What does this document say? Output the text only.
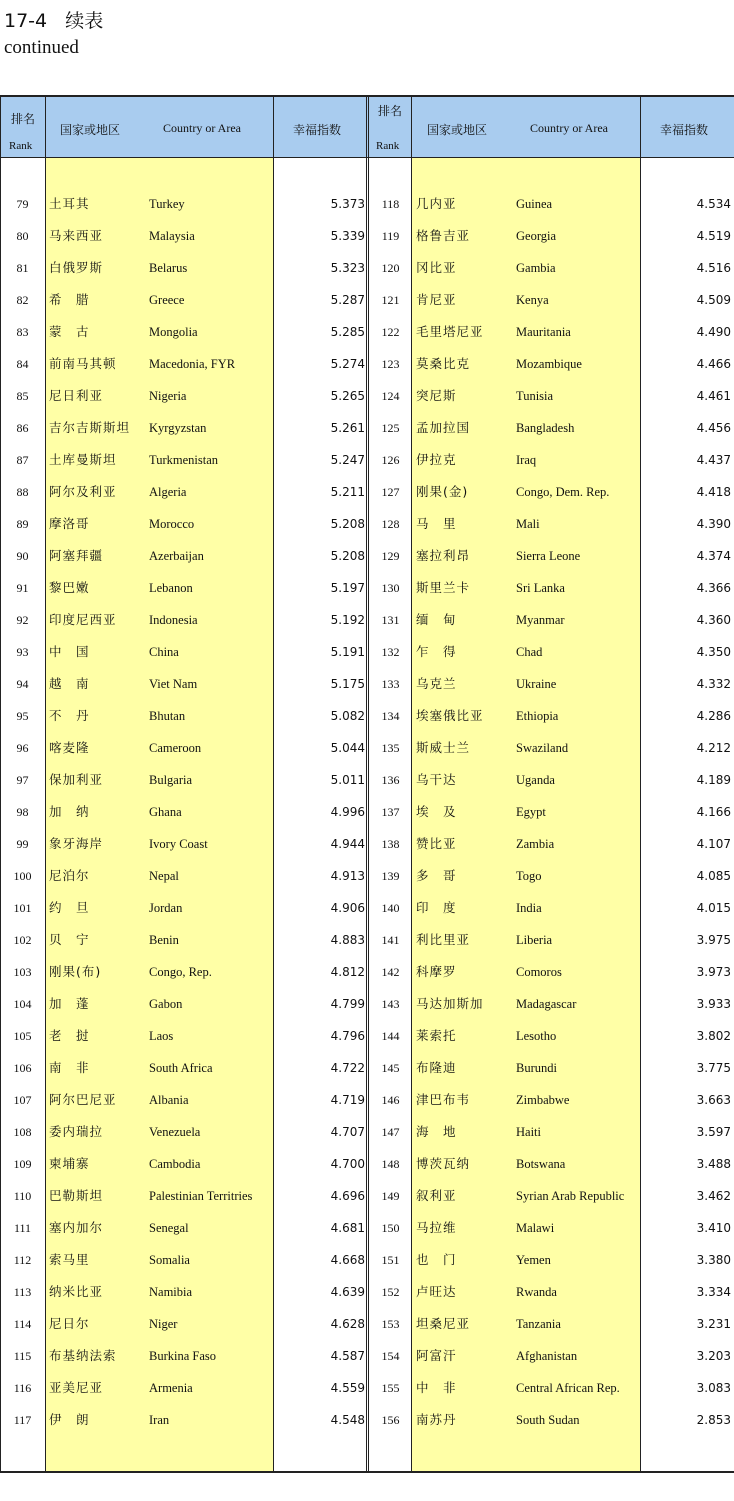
17-4   续表
continued
排名
Rank
国家或地区	Country or Area	幸福指数
排名
Rank
国家或地区	Country or Area	幸福指数
79	土耳其	Turkey	5.373
80	马来西亚	Malaysia	5.339
81	白俄罗斯	Belarus	5.323
82	希　腊	Greece	5.287
83	蒙　古	Mongolia	5.285
84	前南马其顿	Macedonia, FYR	5.274
85	尼日利亚	Nigeria	5.265
86	吉尔吉斯斯坦 Kyrgyzstan	5.261
87	土库曼斯坦	Turkmenistan	5.247
88	阿尔及利亚	Algeria	5.211
89	摩洛哥	Morocco	5.208
90	阿塞拜疆	Azerbaijan	5.208
91	黎巴嫩	Lebanon	5.197
92	印度尼西亚	Indonesia	5.192
93	中　国	China	5.191
94	越　南	Viet Nam	5.175
95	不　丹	Bhutan	5.082
96	喀麦隆	Cameroon	5.044
97	保加利亚	Bulgaria	5.011
98	加　纳	Ghana	4.996
99	象牙海岸	Ivory Coast	4.944
100	尼泊尔	Nepal	4.913
101	约　旦	Jordan	4.906
102	贝　宁	Benin	4.883
103	刚果(布)	Congo, Rep.	4.812
104	加　蓬	Gabon	4.799
105	老　挝	Laos	4.796
106	南　非	South Africa	4.722
107	阿尔巴尼亚	Albania	4.719
108	委内瑞拉	Venezuela	4.707
109	柬埔寨	Cambodia	4.700
110	巴勒斯坦	Palestinian Territries	4.696
111	塞内加尔	Senegal	4.681
112	索马里	Somalia	4.668
113	纳米比亚	Namibia	4.639
114	尼日尔	Niger	4.628
115	布基纳法索	Burkina Faso	4.587
116	亚美尼亚	Armenia	4.559
117	伊　朗	Iran	4.548
118	几内亚	Guinea	4.534
119	格鲁吉亚	Georgia	4.519
120	冈比亚	Gambia	4.516
121	肯尼亚	Kenya	4.509
122	毛里塔尼亚	Mauritania	4.490
123	莫桑比克	Mozambique	4.466
124	突尼斯	Tunisia	4.461
125	孟加拉国	Bangladesh	4.456
126	伊拉克	Iraq	4.437
127	刚果(金)	Congo, Dem. Rep.	4.418
128	马　里	Mali	4.390
129	塞拉利昂	Sierra Leone	4.374
130	斯里兰卡	Sri Lanka	4.366
131	缅　甸	Myanmar	4.360
132	乍　得	Chad	4.350
133	乌克兰	Ukraine	4.332
134	埃塞俄比亚	Ethiopia	4.286
135	斯威士兰	Swaziland	4.212
136	乌干达	Uganda	4.189
137	埃　及	Egypt	4.166
138	赞比亚	Zambia	4.107
139	多　哥	Togo	4.085
140	印　度	India	4.015
141	利比里亚	Liberia	3.975
142	科摩罗	Comoros	3.973
143	马达加斯加	Madagascar	3.933
144	莱索托	Lesotho	3.802
145	布隆迪	Burundi	3.775
146	津巴布韦	Zimbabwe	3.663
147	海　地	Haiti	3.597
148	博茨瓦纳	Botswana	3.488
149	叙利亚	Syrian Arab Republic	3.462
150	马拉维	Malawi	3.410
151	也　门	Yemen	3.380
152	卢旺达	Rwanda	3.334
153	坦桑尼亚	Tanzania	3.231
154	阿富汗	Afghanistan	3.203
155	中　非	Central African Rep.	3.083
156	南苏丹	South Sudan	2.853
